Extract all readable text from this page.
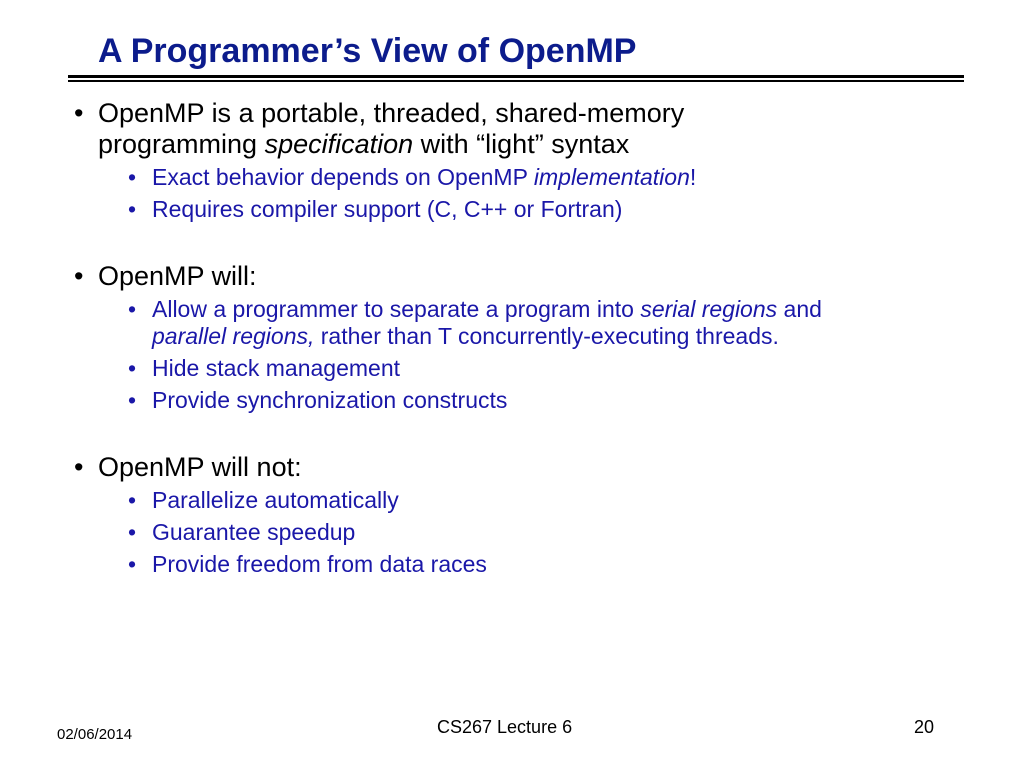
A Programmer’s View of OpenMP
• OpenMP is a portable, threaded, shared-memory
programming specification with “light” syntax
• Exact behavior depends on OpenMP implementation!
• Requires compiler support (C, C++ or Fortran)
• OpenMP will:
• Allow a programmer to separate a program into serial regions and
parallel regions, rather than T concurrently-executing threads.
• Hide stack management
• Provide synchronization constructs
• OpenMP will not:
• Parallelize automatically
• Guarantee speedup
• Provide freedom from data races
02/06/2014	CS267 Lecture 6	20
